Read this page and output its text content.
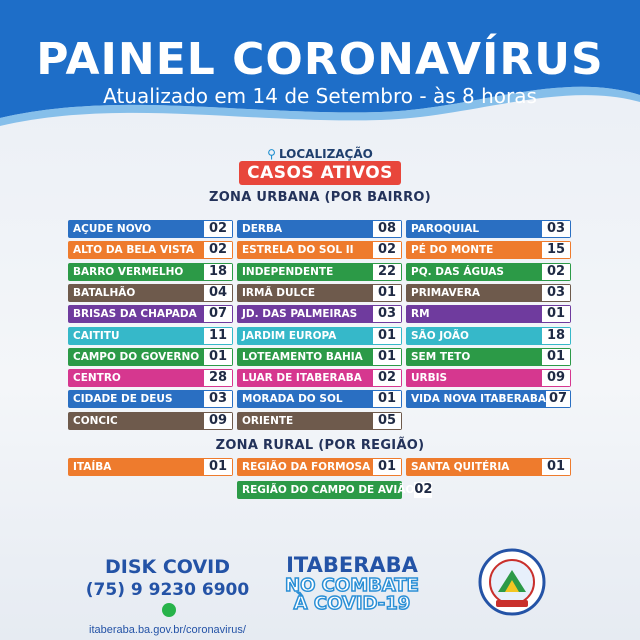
PAINEL CORONAVÍRUS
Atualizado em 14 de Setembro - às 8 horas
⚲ LOCALIZAÇÃO
CASOS ATIVOS
ZONA URBANA (POR BAIRRO)
AÇUDE NOVO	02
ALTO DA BELA VISTA	02
BARRO VERMELHO	18
BATALHÃO	04
BRISAS DA CHAPADA 07
CAITITU	11
CAMPO DO GOVERNO 01
CENTRO	28
CIDADE DE DEUS	03
CONCIC	09
DERBA	08
ESTRELA DO SOL II	02
INDEPENDENTE	22
IRMÃ DULCE	01
JD. DAS PALMEIRAS	03
JARDIM EUROPA	01
LOTEAMENTO BAHIA	01
LUAR DE ITABERABA	02
MORADA DO SOL	01
ORIENTE	05
PAROQUIAL	03
PÉ DO MONTE	15
PQ. DAS ÁGUAS	02
PRIMAVERA	03
RM	01
SÃO JOÃO	18
SEM TETO	01
URBIS	09
VIDA NOVA ITABERABA 07
ZONA RURAL (POR REGIÃO)
ITAÍBA	01	REGIÃO DA FORMOSA 01	SANTA QUITÉRIA	01
REGIÃO DO CAMPO DE AVIÃO 02
DISK COVID
(75) 9 9230 6900
itaberaba.ba.gov.br/coronavirus/
ITABERABA
NO COMBATE
À COVID-19
